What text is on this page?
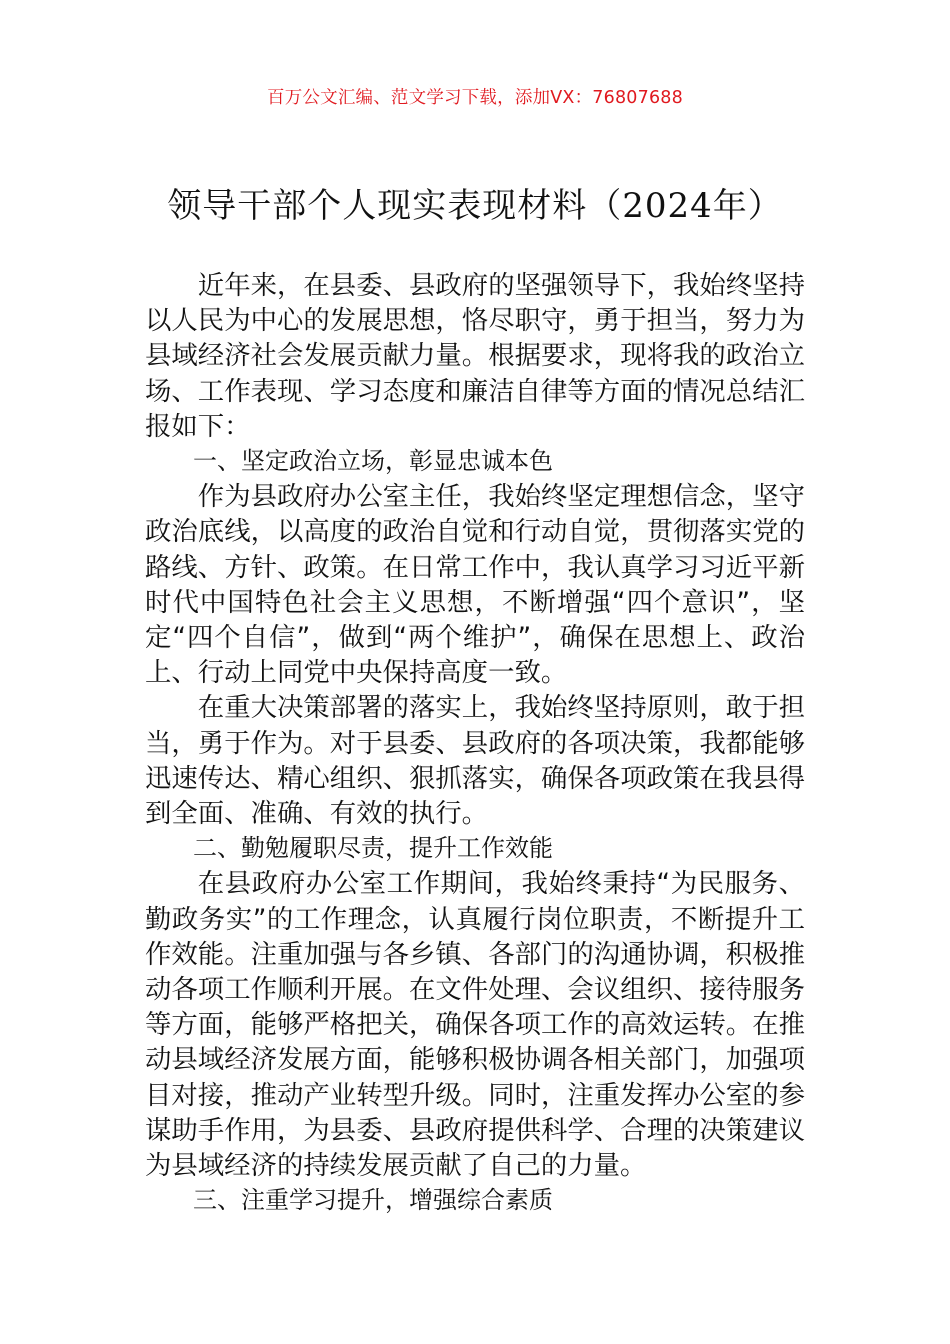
百万公文汇编、范文学习下载，添加VX：76807688
领导干部个人现实表现材料（2024年）

近年来，在县委、县政府的坚强领导下，我始终坚持以人民为中心的发展思想，恪尽职守，勇于担当，努力为县域经济社会发展贡献力量。根据要求，现将我的政治立场、工作表现、学习态度和廉洁自律等方面的情况总结汇报如下：

一、坚定政治立场，彰显忠诚本色

作为县政府办公室主任，我始终坚定理想信念，坚守政治底线，以高度的政治自觉和行动自觉，贯彻落实党的路线、方针、政策。在日常工作中，我认真学习习近平新时代中国特色社会主义思想，不断增强“四个意识”，坚定“四个自信”，做到“两个维护”，确保在思想上、政治上、行动上同党中央保持高度一致。

在重大决策部署的落实上，我始终坚持原则，敢于担当，勇于作为。对于县委、县政府的各项决策，我都能够迅速传达、精心组织、狠抓落实，确保各项政策在我县得到全面、准确、有效的执行。

二、勤勉履职尽责，提升工作效能

在县政府办公室工作期间，我始终秉持“为民服务、勤政务实”的工作理念，认真履行岗位职责，不断提升工作效能。注重加强与各乡镇、各部门的沟通协调，积极推动各项工作顺利开展。在文件处理、会议组织、接待服务等方面，能够严格把关，确保各项工作的高效运转。在推动县域经济发展方面，能够积极协调各相关部门，加强项目对接，推动产业转型升级。同时，注重发挥办公室的参谋助手作用，为县委、县政府提供科学、合理的决策建议为县域经济的持续发展贡献了自己的力量。

三、注重学习提升，增强综合素质
